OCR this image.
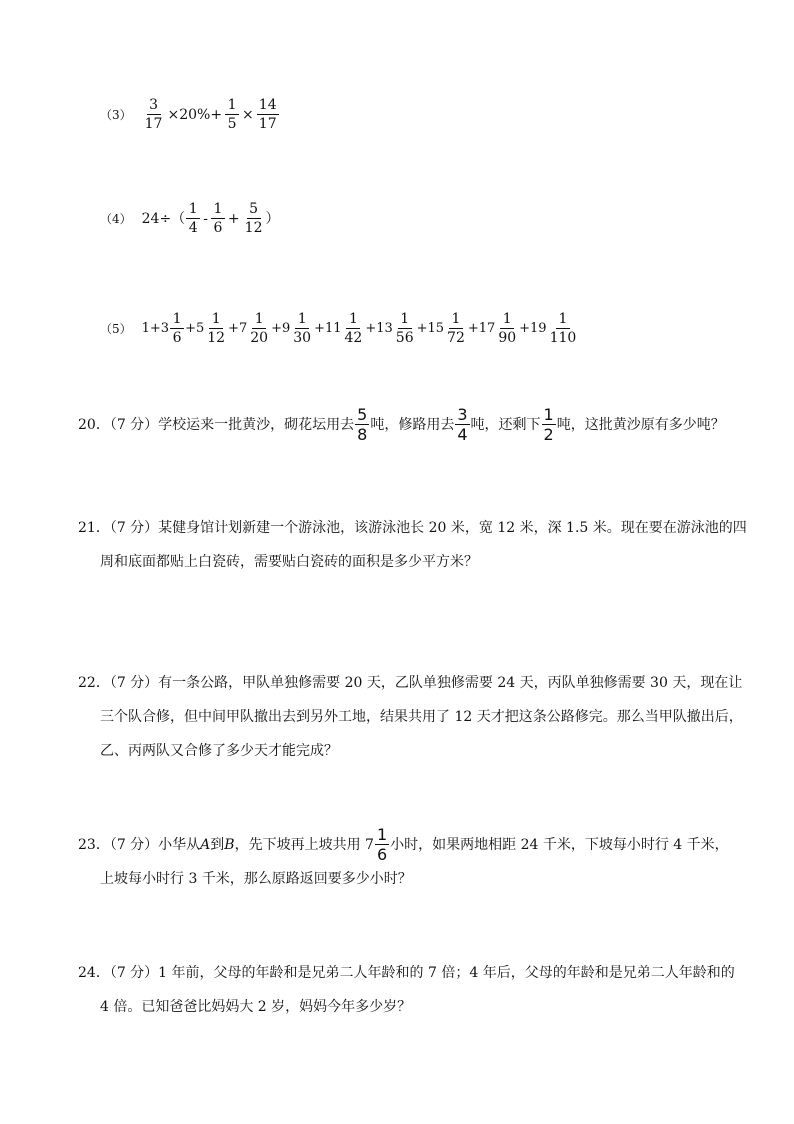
$(3) \frac{3}{17} \times 20\%+ \frac{1}{5} \times \frac{14}{17}$
（4） $24\div( \frac{1}{4} - \frac{1}{6} + \frac{5}{12}$ ）
（5） $1+3 \frac{1}{6} +5 \frac{1}{12} +7 \frac{1}{20} +9 \frac{1}{30} +11 \frac{1}{42} +13 \frac{1}{56} +15 \frac{1}{72} +17 \frac{1}{90} +19 \frac{1}{110}$
20．（7 分）学校运来一批黄沙，砌花坛用去 $\frac{5}{8}$ 吨，修路用去 $\frac{3}{4}$ 吨，还剩下 $\frac{1}{2}$ 吨，这批黄沙原有多少吨？
21．（7 分）某健身馆计划新建一个游泳池，该游泳池长 20 米，宽 12 米，深 1.5 米。现在要在游泳池的四
周和底面都贴上白瓷砖，需要贴白瓷砖的面积是多少平方米？
22．（7 分）有一条公路，甲队单独修需要 20 天，乙队单独修需要 24 天，丙队单独修需要 30 天，现在让
三个队合修，但中间甲队撤出去到另外工地，结果共用了 12 天才把这条公路修完。那么当甲队撤出后，
乙、丙两队又合修了多少天才能完成？
23．（7 分）小华从 A 到 B ，先下坡再上坡共用 $7 \frac{1}{6}$ 小时，如果两地相距 24 千米，下坡每小时行 4 千米，
上坡每小时行 3 千米，那么原路返回要多少小时？
24．（7 分）1 年前，父母的年龄和是兄弟二人年龄和的 7 倍；4 年后，父母的年龄和是兄弟二人年龄和的
4 倍。已知爸爸比妈妈大 2 岁，妈妈今年多少岁？
